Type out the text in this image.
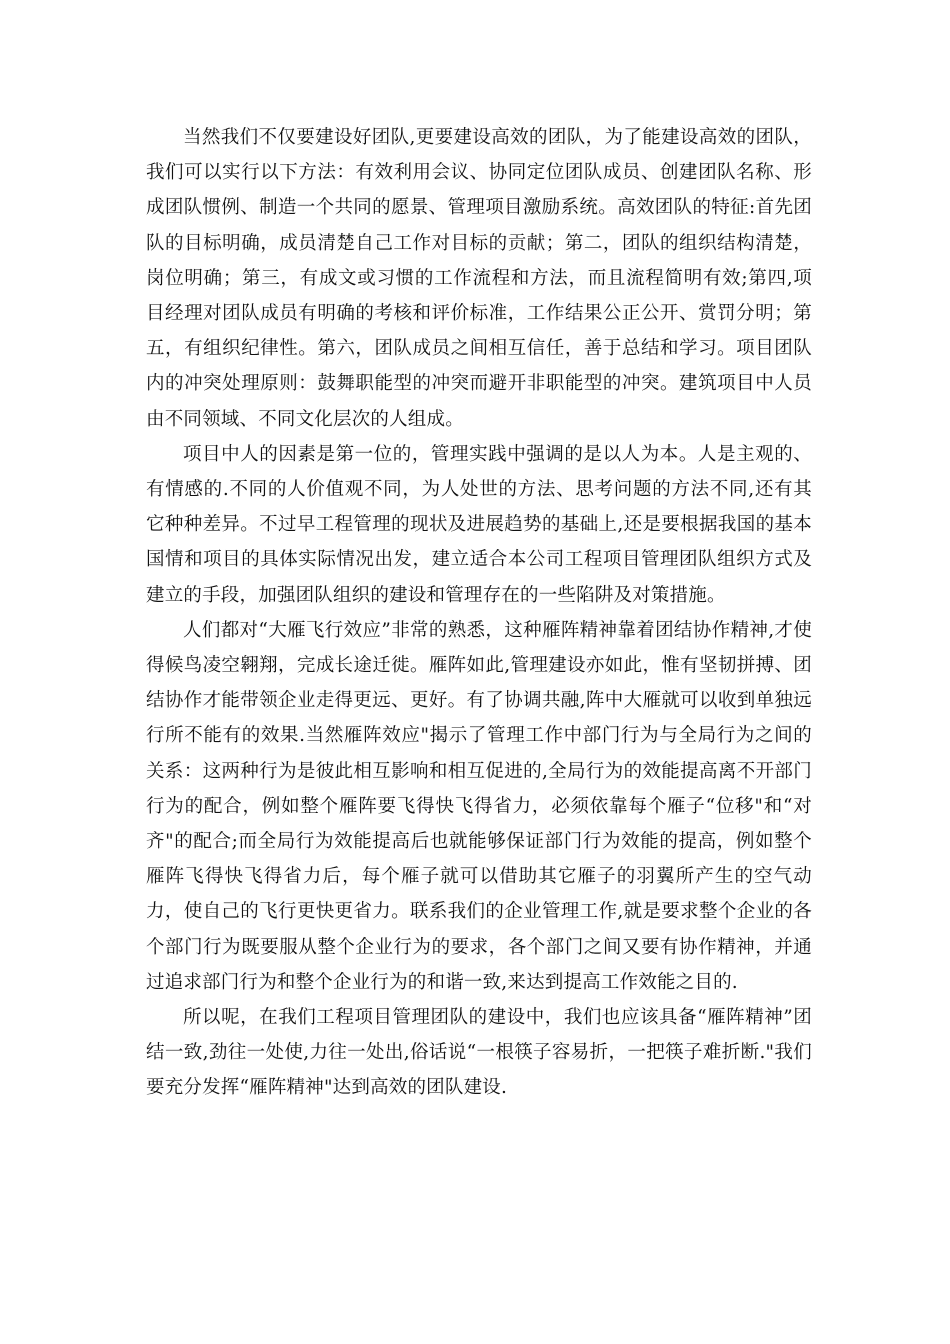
当然我们不仅要建设好团队,更要建设高效的团队，为了能建设高效的团队，我们可以实行以下方法：有效利用会议、协同定位团队成员、创建团队名称、形成团队惯例、制造一个共同的愿景、管理项目激励系统。高效团队的特征:首先团队的目标明确，成员清楚自己工作对目标的贡献；第二，团队的组织结构清楚，岗位明确；第三，有成文或习惯的工作流程和方法，而且流程简明有效;第四,项目经理对团队成员有明确的考核和评价标准，工作结果公正公开、赏罚分明；第五，有组织纪律性。第六，团队成员之间相互信任，善于总结和学习。项目团队内的冲突处理原则：鼓舞职能型的冲突而避开非职能型的冲突。建筑项目中人员由不同领域、不同文化层次的人组成。

项目中人的因素是第一位的，管理实践中强调的是以人为本。人是主观的、有情感的.不同的人价值观不同，为人处世的方法、思考问题的方法不同,还有其它种种差异。不过早工程管理的现状及进展趋势的基础上,还是要根据我国的基本国情和项目的具体实际情况出发，建立适合本公司工程项目管理团队组织方式及建立的手段，加强团队组织的建设和管理存在的一些陷阱及对策措施。

人们都对“大雁飞行效应”非常的熟悉，这种雁阵精神靠着团结协作精神,才使得候鸟凌空翱翔，完成长途迁徙。雁阵如此,管理建设亦如此，惟有坚韧拼搏、团结协作才能带领企业走得更远、更好。有了协调共融,阵中大雁就可以收到单独远行所不能有的效果.当然雁阵效应"揭示了管理工作中部门行为与全局行为之间的关系：这两种行为是彼此相互影响和相互促进的,全局行为的效能提高离不开部门行为的配合，例如整个雁阵要飞得快飞得省力，必须依靠每个雁子“位移"和“对齐"的配合;而全局行为效能提高后也就能够保证部门行为效能的提高，例如整个雁阵飞得快飞得省力后，每个雁子就可以借助其它雁子的羽翼所产生的空气动力，使自己的飞行更快更省力。联系我们的企业管理工作,就是要求整个企业的各个部门行为既要服从整个企业行为的要求，各个部门之间又要有协作精神，并通过追求部门行为和整个企业行为的和谐一致,来达到提高工作效能之目的.

所以呢，在我们工程项目管理团队的建设中，我们也应该具备“雁阵精神”团结一致,劲往一处使,力往一处出,俗话说“一根筷子容易折，一把筷子难折断."我们要充分发挥“雁阵精神"达到高效的团队建设.
